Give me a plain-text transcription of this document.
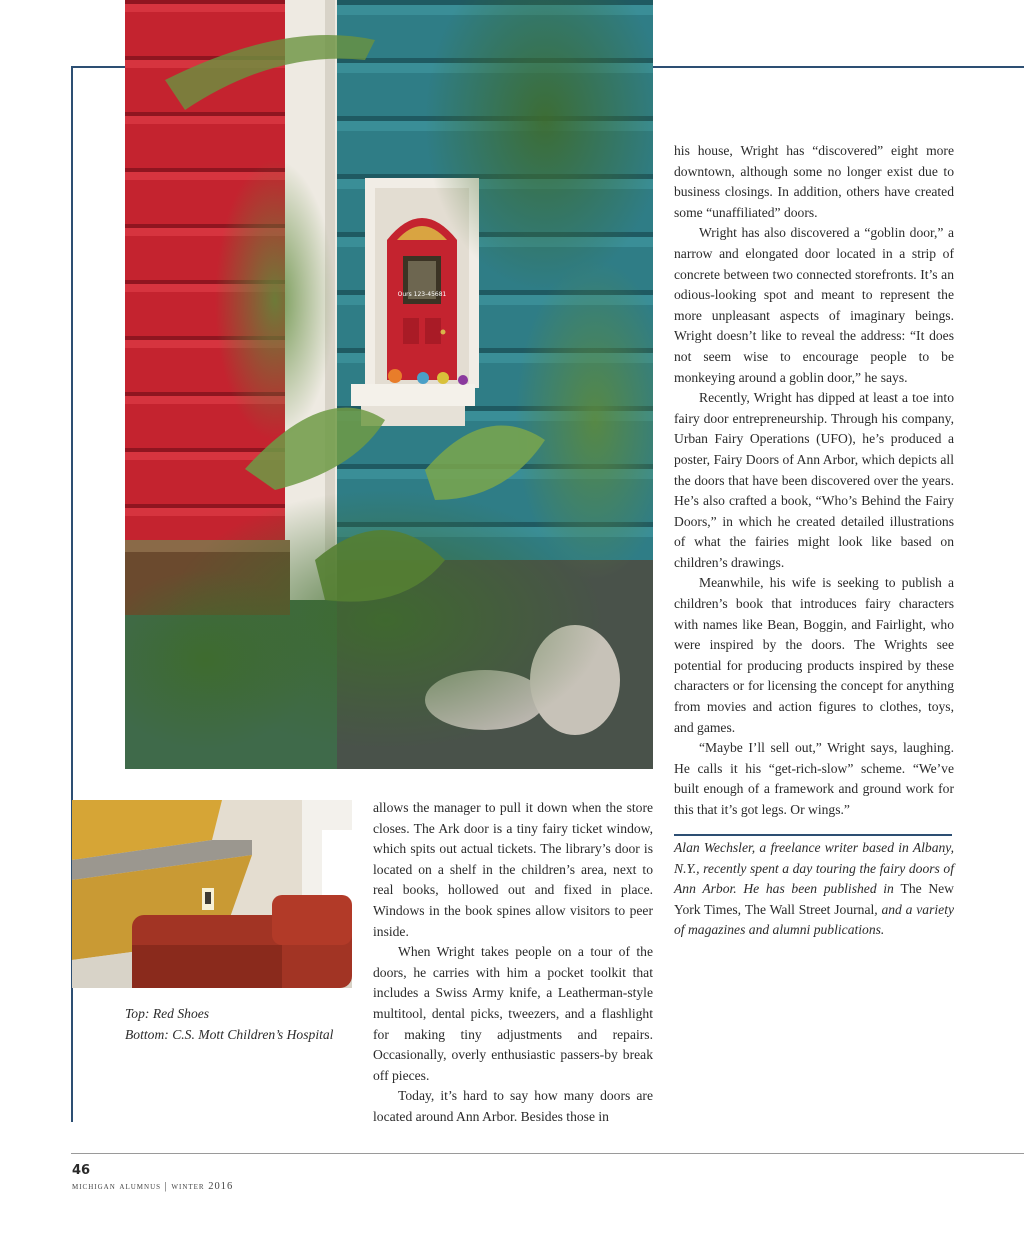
Ours 123-45681

allows the manager to pull it down when the store closes. The Ark door is a tiny fairy ticket window, which spits out actual tickets. The library’s door is located on a shelf in the children’s area, next to real books, hollowed out and fixed in place. Windows in the book spines allow visitors to peer inside.

When Wright takes people on a tour of the doors, he carries with him a pocket toolkit that includes a Swiss Army knife, a Leatherman-style multitool, dental picks, tweezers, and a flashlight for making tiny adjustments and repairs. Occasionally, overly enthusiastic passers-by break off pieces.

Today, it’s hard to say how many doors are located around Ann Arbor. Besides those in

his house, Wright has “discovered” eight more downtown, although some no longer exist due to business closings. In addition, others have created some “unaffiliated” doors.

Wright has also discovered a “goblin door,” a narrow and elongated door located in a strip of concrete between two connected storefronts. It’s an odious-looking spot and meant to represent the more unpleasant aspects of imaginary beings. Wright doesn’t like to reveal the address: “It does not seem wise to encourage people to be monkeying around a goblin door,” he says.

Recently, Wright has dipped at least a toe into fairy door entrepreneurship. Through his company, Urban Fairy Operations (UFO), he’s produced a poster, Fairy Doors of Ann Arbor, which depicts all the doors that have been discovered over the years. He’s also crafted a book, “Who’s Behind the Fairy Doors,” in which he created detailed illustrations of what the fairies might look like based on children’s drawings.

Meanwhile, his wife is seeking to publish a children’s book that introduces fairy characters with names like Bean, Boggin, and Fairlight, who were inspired by the doors. The Wrights see potential for producing products inspired by these characters or for licensing the concept for anything from movies and action figures to clothes, toys, and games.

“Maybe I’ll sell out,” Wright says, laughing. He calls it his “get-rich-slow” scheme. “We’ve built enough of a framework and ground work for this that it’s got legs. Or wings.”

Alan Wechsler, a freelance writer based in Albany, N.Y., recently spent a day touring the fairy doors of Ann Arbor. He has been published in The New York Times, The Wall Street Journal, and a variety of magazines and alumni publications.
Top: Red Shoes
Bottom: C.S. Mott Children’s Hospital
46
michigan alumnus | winter 2016
